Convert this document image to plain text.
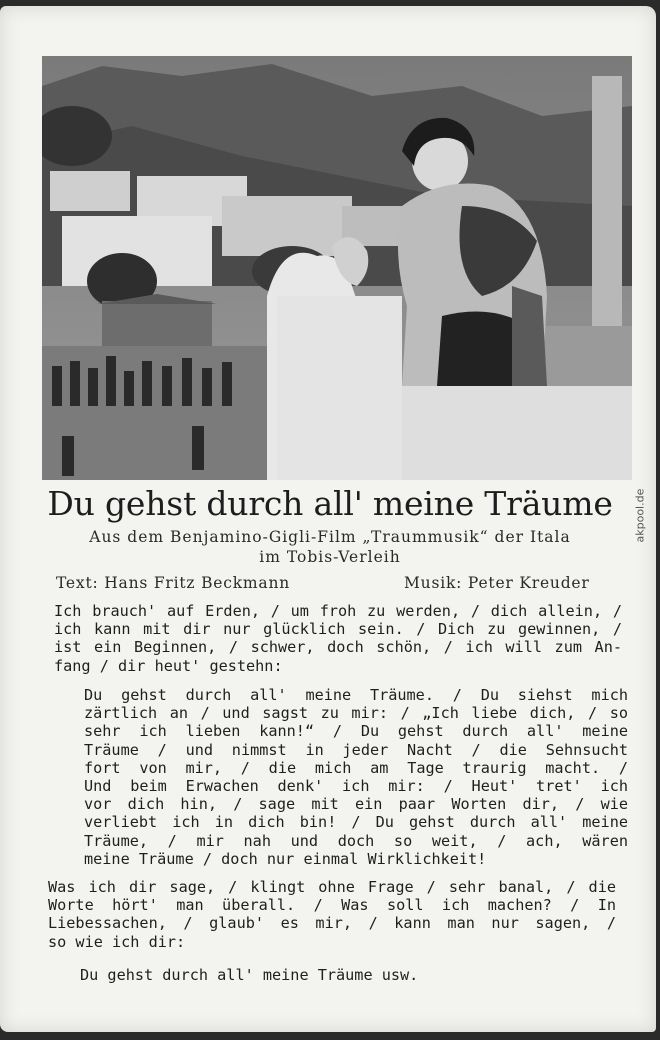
Du gehst durch all' meine Träume
Aus dem Benjamino-Gigli-Film „Traummusik“ der Itala
im Tobis-Verleih
Text: Hans Fritz Beckmann	Musik: Peter Kreuder
Ich brauch' auf Erden, / um froh zu werden, / dich allein, /
ich kann mit dir nur glücklich sein. / Dich zu gewinnen, /
ist ein Beginnen, / schwer, doch schön, / ich will zum An-
fang / dir heut' gestehn:
Du gehst durch all' meine Träume. / Du siehst mich
zärtlich an / und sagst zu mir: / „Ich liebe dich, / so
sehr ich lieben kann!“ / Du gehst durch all' meine
Träume / und nimmst in jeder Nacht / die Sehnsucht
fort von mir, / die mich am Tage traurig macht. /
Und beim Erwachen denk' ich mir: / Heut' tret' ich
vor dich hin, / sage mit ein paar Worten dir, / wie
verliebt ich in dich bin! / Du gehst durch all' meine
Träume, / mir nah und doch so weit, / ach, wären
meine Träume / doch nur einmal Wirklichkeit!
Was ich dir sage, / klingt ohne Frage / sehr banal, / die
Worte hört' man überall. / Was soll ich machen? / In
Liebessachen, / glaub' es mir, / kann man nur sagen, /
so wie ich dir:
Du gehst durch all' meine Träume usw.
akpool.de
